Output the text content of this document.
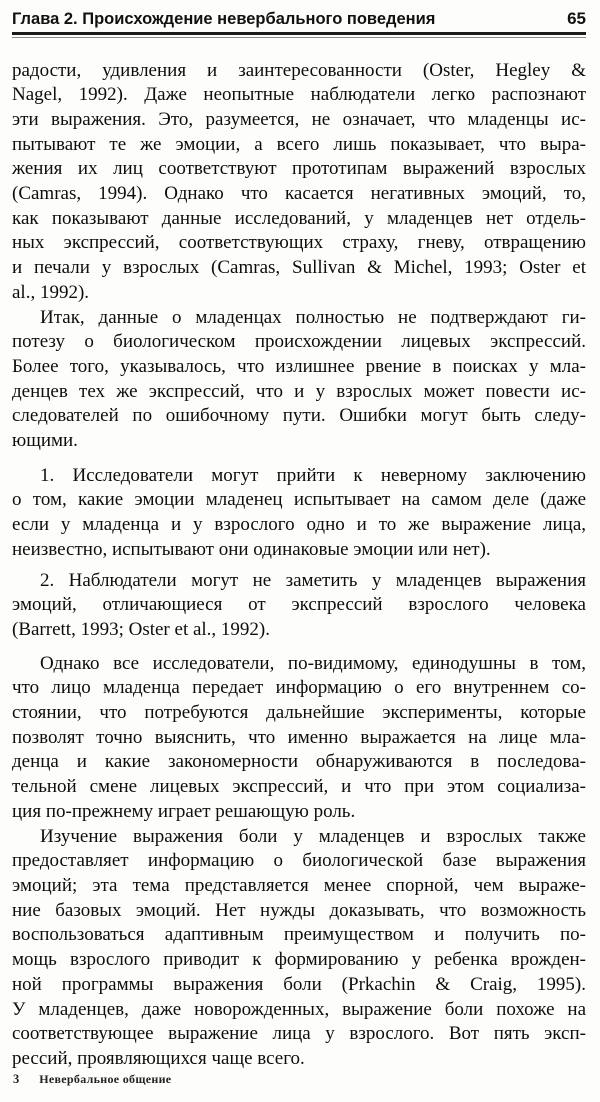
Глава 2. Происхождение невербального поведения	65
радости, удивления и заинтересованности (Oster, Hegley &
Nagel, 1992). Даже неопытные наблюдатели легко распознают
эти выражения. Это, разумеется, не означает, что младенцы ис-
пытывают те же эмоции, а всего лишь показывает, что выра-
жения их лиц соответствуют прототипам выражений взрослых
(Camras, 1994). Однако что касается негативных эмоций, то,
как показывают данные исследований, у младенцев нет отдель-
ных экспрессий, соответствующих страху, гневу, отвращению
и печали у взрослых (Camras, Sullivan & Michel, 1993; Oster et
al., 1992).
Итак, данные о младенцах полностью не подтверждают ги-
потезу о биологическом происхождении лицевых экспрессий.
Более того, указывалось, что излишнее рвение в поисках у мла-
денцев тех же экспрессий, что и у взрослых может повести ис-
следователей по ошибочному пути. Ошибки могут быть следу-
ющими.
1. Исследователи могут прийти к неверному заключению
о том, какие эмоции младенец испытывает на самом деле (даже
если у младенца и у взрослого одно и то же выражение лица,
неизвестно, испытывают они одинаковые эмоции или нет).
2. Наблюдатели могут не заметить у младенцев выражения
эмоций, отличающиеся от экспрессий взрослого человека
(Barrett, 1993; Oster et al., 1992).
Однако все исследователи, по-видимому, единодушны в том,
что лицо младенца передает информацию о его внутреннем со-
стоянии, что потребуются дальнейшие эксперименты, которые
позволят точно выяснить, что именно выражается на лице мла-
денца и какие закономерности обнаруживаются в последова-
тельной смене лицевых экспрессий, и что при этом социализа-
ция по-прежнему играет решающую роль.
Изучение выражения боли у младенцев и взрослых также
предоставляет информацию о биологической базе выражения
эмоций; эта тема представляется менее спорной, чем выраже-
ние базовых эмоций. Нет нужды доказывать, что возможность
воспользоваться адаптивным преимуществом и получить по-
мощь взрослого приводит к формированию у ребенка врожден-
ной программы выражения боли (Prkachin & Craig, 1995).
У младенцев, даже новорожденных, выражение боли похоже на
соответствующее выражение лица у взрослого. Вот пять эксп-
рессий, проявляющихся чаще всего.
3 Невербальное общение
